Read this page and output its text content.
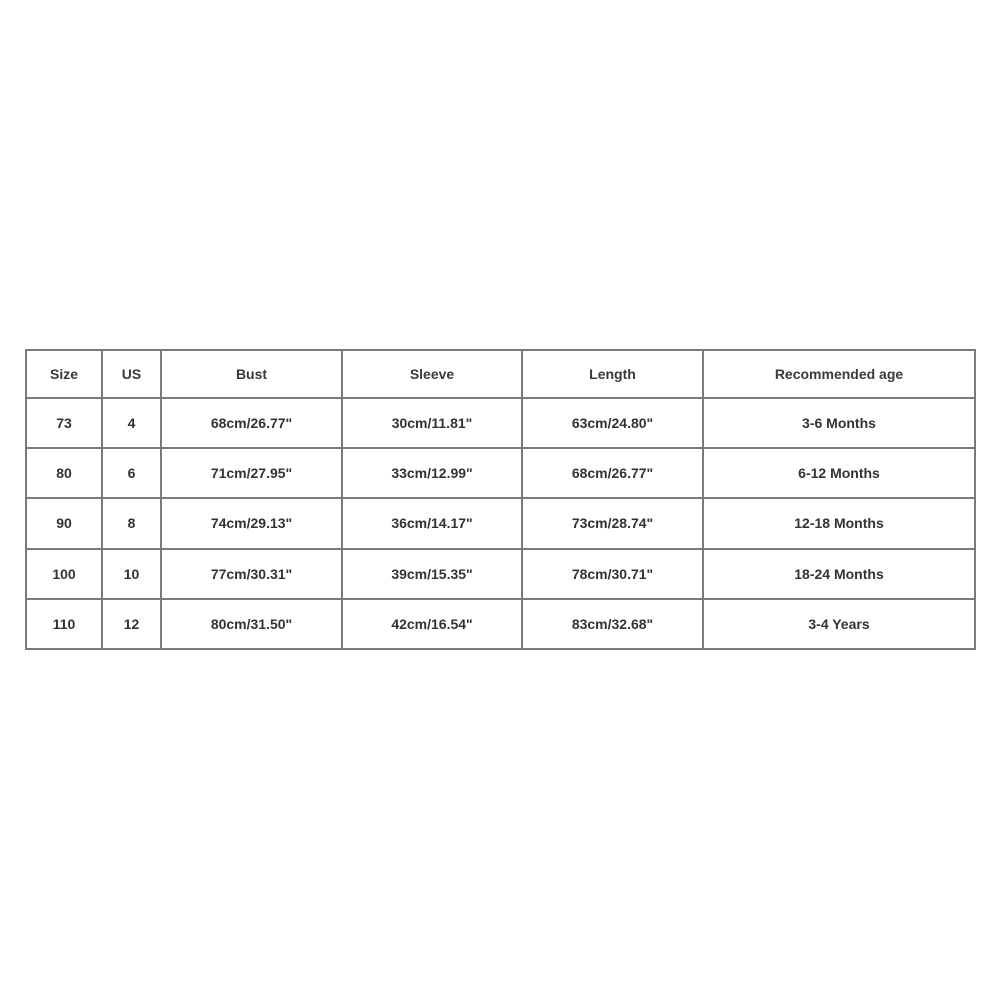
Size	US	Bust	Sleeve	Length	Recommended age
73	4	68cm/26.77"	30cm/11.81"	63cm/24.80"	3-6 Months
80	6	71cm/27.95"	33cm/12.99"	68cm/26.77"	6-12 Months
90	8	74cm/29.13"	36cm/14.17"	73cm/28.74"	12-18 Months
100	10	77cm/30.31"	39cm/15.35"	78cm/30.71"	18-24 Months
110	12	80cm/31.50"	42cm/16.54"	83cm/32.68"	3-4 Years
